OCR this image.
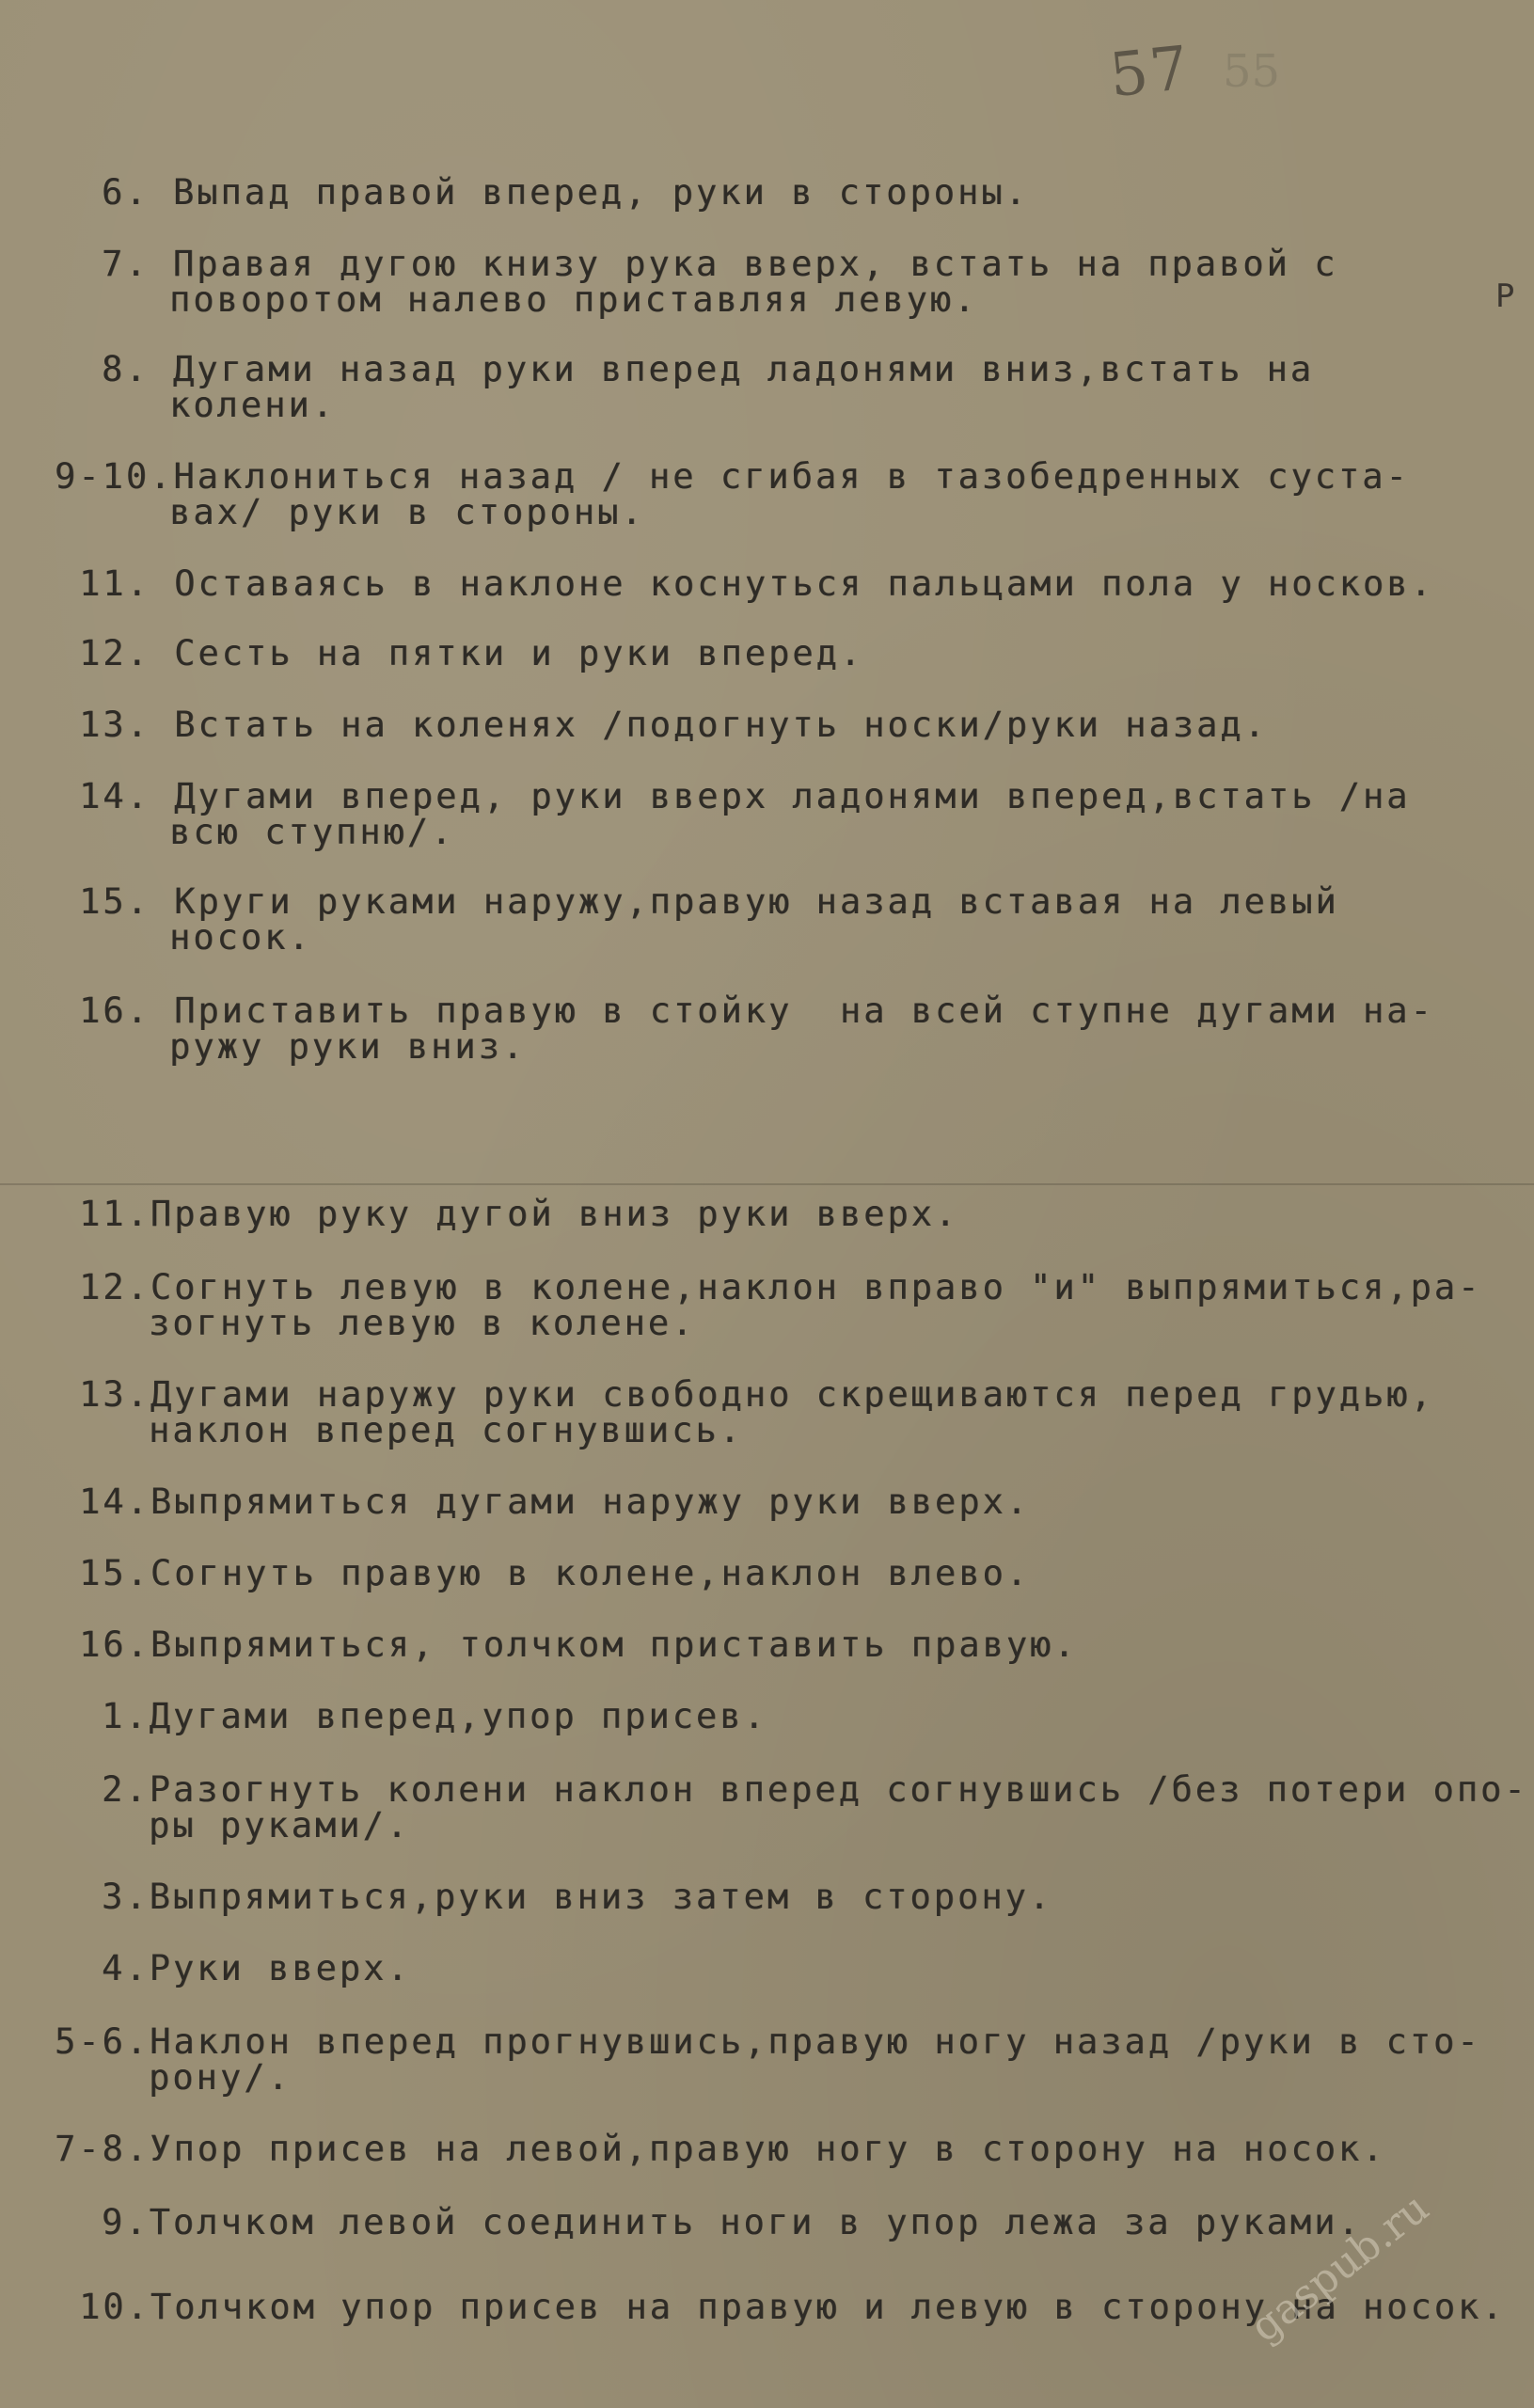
57 55
Р
6. Выпад правой вперед, руки в стороны.
7. Правая дугою книзу рука вверх, встать на правой с
поворотом налево приставляя левую.
8. Дугами назад руки вперед ладонями вниз,встать на
колени.
9-10.Наклониться назад / не сгибая в тазобедренных суста-
вах/ руки в стороны.
11. Оставаясь в наклоне коснуться пальцами пола у носков.
12. Сесть на пятки и руки вперед.
13. Встать на коленях /подогнуть носки/руки назад.
14. Дугами вперед, руки вверх ладонями вперед,встать /на
всю ступню/.
15. Круги руками наружу,правую назад вставая на левый
носок.
16. Приставить правую в стойку  на всей ступне дугами на-
ружу руки вниз.
11.Правую руку дугой вниз руки вверх.
12.Согнуть левую в колене,наклон вправо "и" выпрямиться,ра-
зогнуть левую в колене.
13.Дугами наружу руки свободно скрещиваются перед грудью,
наклон вперед согнувшись.
14.Выпрямиться дугами наружу руки вверх.
15.Согнуть правую в колене,наклон влево.
16.Выпрямиться, толчком приставить правую.
1.Дугами вперед,упор присев.
2.Разогнуть колени наклон вперед согнувшись /без потери опо-
ры руками/.
3.Выпрямиться,руки вниз затем в сторону.
4.Руки вверх.
5-6.Наклон вперед прогнувшись,правую ногу назад /руки в сто-
рону/.
7-8.Упор присев на левой,правую ногу в сторону на носок.
9.Толчком левой соединить ноги в упор лежа за руками.
10.Толчком упор присев на правую и левую в сторону на носок.
gaspub.ru
